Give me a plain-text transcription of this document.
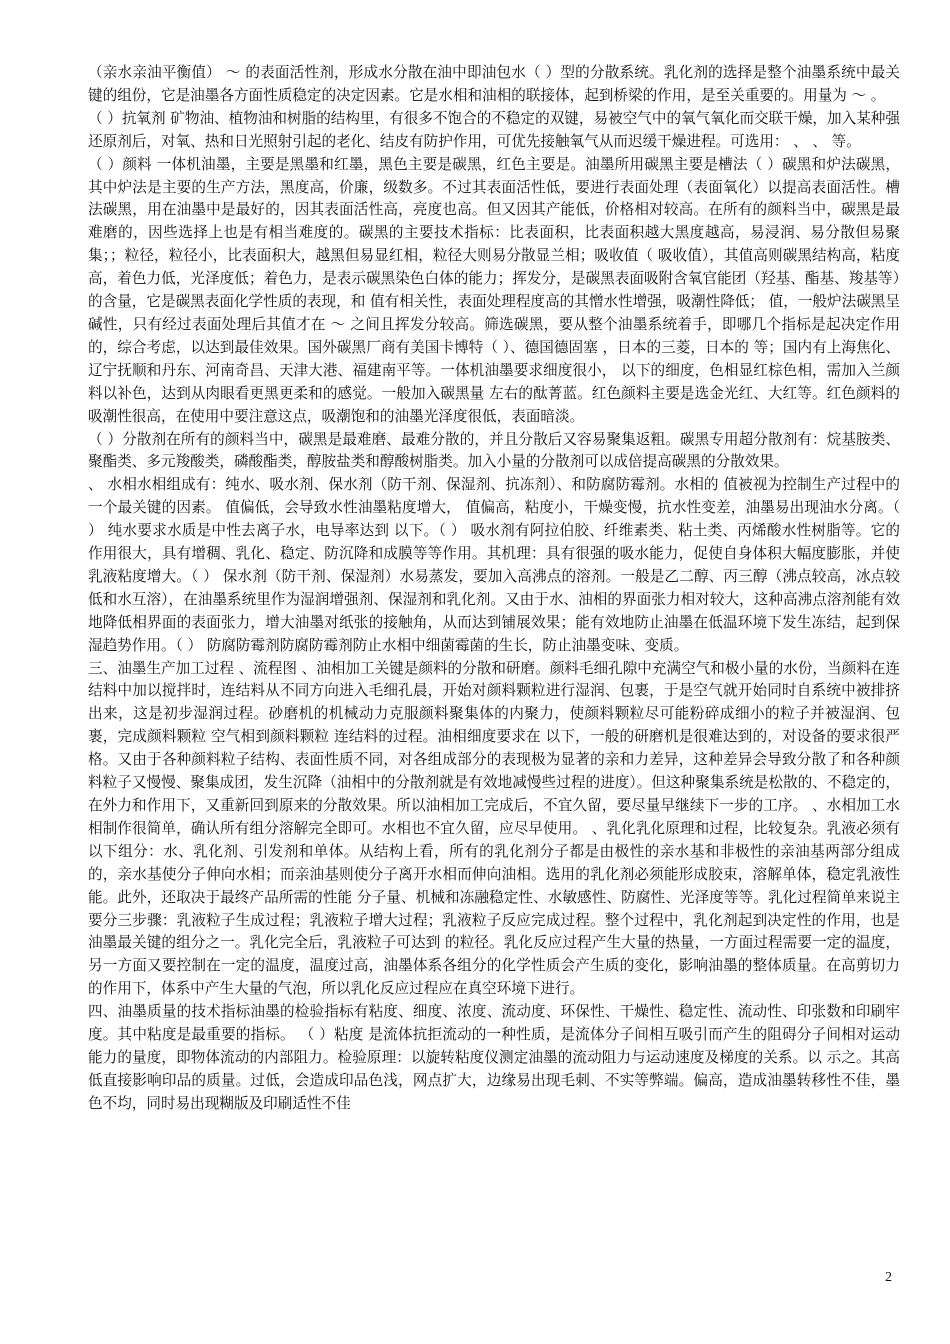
（亲水亲油平衡值） ～ 的表面活性剂，形成水分散在油中即油包水（ ）型的分散系统。乳化剂的选择是整个油墨系统中最关键的组份，它是油墨各方面性质稳定的决定因素。它是水相和油相的联接体，起到桥梁的作用，是至关重要的。用量为 ～ 。

（ ）抗氧剂 矿物油、植物油和树脂的结构里，有很多不饱合的不稳定的双键，易被空气中的氧气氧化而交联干燥，加入某种强还原剂后，对氧、热和日光照射引起的老化、结皮有防护作用，可优先接触氧气从而迟缓干燥进程。可选用： 、 、 等。

（ ）颜料 一体机油墨，主要是黑墨和红墨，黑色主要是碳黑，红色主要是。油墨所用碳黑主要是槽法（ ）碳黑和炉法碳黑，其中炉法是主要的生产方法，黑度高，价廉，级数多。不过其表面活性低，要进行表面处理（表面氧化）以提高表面活性。槽法碳黑，用在油墨中是最好的，因其表面活性高，亮度也高。但又因其产能低，价格相对较高。在所有的颜料当中，碳黑是最难磨的，因些选择上也是有相当难度的。碳黑的主要技术指标：比表面积，比表面积越大黑度越高，易浸润、易分散但易聚集；；粒径，粒径小，比表面积大，越黑但易显红相，粒径大则易分散显兰相；吸收值（ 吸收值），其值高则碳黑结构高，粘度高，着色力低，光泽度低；着色力，是表示碳黑染色白体的能力；挥发分，是碳黑表面吸附含氧官能团（羟基、酯基、羧基等）的含量，它是碳黑表面化学性质的表现，和 值有相关性，表面处理程度高的其憎水性增强，吸潮性降低； 值，一般炉法碳黑呈碱性，只有经过表面处理后其值才在 ～ 之间且挥发分较高。筛选碳黑，要从整个油墨系统着手，即哪几个指标是起决定作用的，综合考虑，以达到最佳效果。国外碳黑厂商有美国卡博特（ ）、德国德固塞 ，日本的三菱，日本的 等；国内有上海焦化、辽宁抚顺和丹东、河南奇昌、天津大港、福建南平等。一体机油墨要求细度很小， 以下的细度，色相显红棕色相，需加入兰颜料以补色，达到从肉眼看更黑更柔和的感觉。一般加入碳黑量 左右的酞菁蓝。红色颜料主要是选金光红、大红等。红色颜料的吸潮性很高，在使用中要注意这点，吸潮饱和的油墨光泽度很低，表面暗淡。

（ ）分散剂在所有的颜料当中，碳黑是最难磨、最难分散的，并且分散后又容易聚集返粗。碳黑专用超分散剂有：烷基胺类、聚酯类、多元羧酸类，磷酸酯类，醇胺盐类和醇酸树脂类。加入小量的分散剂可以成倍提高碳黑的分散效果。

、 水相水相组成有：纯水、吸水剂、保水剂（防干剂、保湿剂、抗冻剂）、和防腐防霉剂。水相的 值被视为控制生产过程中的一个最关键的因素。 值偏低，会导致水性油墨粘度增大， 值偏高，粘度小，干燥变慢，抗水性变差，油墨易出现油水分离。（ ） 纯水要求水质是中性去离子水，电导率达到 以下。（ ） 吸水剂有阿拉伯胶、纤维素类、粘土类、丙烯酸水性树脂等。它的作用很大，具有增稠、乳化、稳定、防沉降和成膜等等作用。其机理：具有很强的吸水能力，促使自身体积大幅度膨胀，并使乳液粘度增大。（ ） 保水剂（防干剂、保湿剂）水易蒸发，要加入高沸点的溶剂。一般是乙二醇、丙三醇（沸点较高，冰点较低和水互溶），在油墨系统里作为湿润增强剂、保湿剂和乳化剂。又由于水、油相的界面张力相对较大，这种高沸点溶剂能有效地降低相界面的表面张力，增大油墨对纸张的接触角，从而达到铺展效果；能有效地防止油墨在低温环境下发生冻结，起到保湿趋势作用。（ ） 防腐防霉剂防腐防霉剂防止水相中细菌霉菌的生长，防止油墨变味、变质。

三、油墨生产加工过程 、流程图 、油相加工关键是颜料的分散和研磨。颜料毛细孔隙中充满空气和极小量的水份，当颜料在连结料中加以搅拌时，连结料从不同方向进入毛细孔晨，开始对颜料颗粒进行湿润、包裹，于是空气就开始同时自系统中被排挤出来，这是初步湿润过程。砂磨机的机械动力克服颜料聚集体的内聚力，使颜料颗粒尽可能粉碎成细小的粒子并被湿润、包裹，完成颜料颗粒 空气相到颜料颗粒 连结料的过程。油相细度要求在 以下，一般的研磨机是很难达到的，对设备的要求很严格。又由于各种颜料粒子结构、表面性质不同，对各组成部分的表现极为显著的亲和力差异，这种差异会导致分散了和各种颜料粒子又慢慢、聚集成团，发生沉降（油相中的分散剂就是有效地减慢些过程的进度）。但这种聚集系统是松散的、不稳定的，在外力和作用下，又重新回到原来的分散效果。所以油相加工完成后，不宜久留，要尽量早继续下一步的工序。 、水相加工水相制作很简单，确认所有组分溶解完全即可。水相也不宜久留，应尽早使用。 、乳化乳化原理和过程，比较复杂。乳液必须有以下组分：水、乳化剂、引发剂和单体。从结构上看，所有的乳化剂分子都是由极性的亲水基和非极性的亲油基两部分组成的，亲水基使分子伸向水相；而亲油基则使分子离开水相而伸向油相。选用的乳化剂必须能形成胶束，溶解单体，稳定乳液性能。此外，还取决于最终产品所需的性能 分子量、机械和冻融稳定性、水敏感性、防腐性、光泽度等等。乳化过程简单来说主要分三步骤：乳液粒子生成过程；乳液粒子增大过程；乳液粒子反应完成过程。整个过程中，乳化剂起到决定性的作用，也是油墨最关键的组分之一。乳化完全后，乳液粒子可达到 的粒径。乳化反应过程产生大量的热量，一方面过程需要一定的温度，另一方面又要控制在一定的温度，温度过高，油墨体系各组分的化学性质会产生质的变化，影响油墨的整体质量。在高剪切力的作用下，体系中产生大量的气泡，所以乳化反应过程应在真空环境下进行。

四、油墨质量的技术指标油墨的检验指标有粘度、细度、浓度、流动度、环保性、干燥性、稳定性、流动性、印张数和印刷牢度。其中粘度是最重要的指标。 （ ）粘度 是流体抗拒流动的一种性质，是流体分子间相互吸引而产生的阻碍分子间相对运动能力的量度，即物体流动的内部阻力。检验原理：以旋转粘度仪测定油墨的流动阻力与运动速度及梯度的关系。以 示之。其高低直接影响印品的质量。过低，会造成印品色浅，网点扩大，边缘易出现毛刺、不实等弊端。偏高，造成油墨转移性不佳，墨色不均，同时易出现糊版及印刷适性不佳

2
